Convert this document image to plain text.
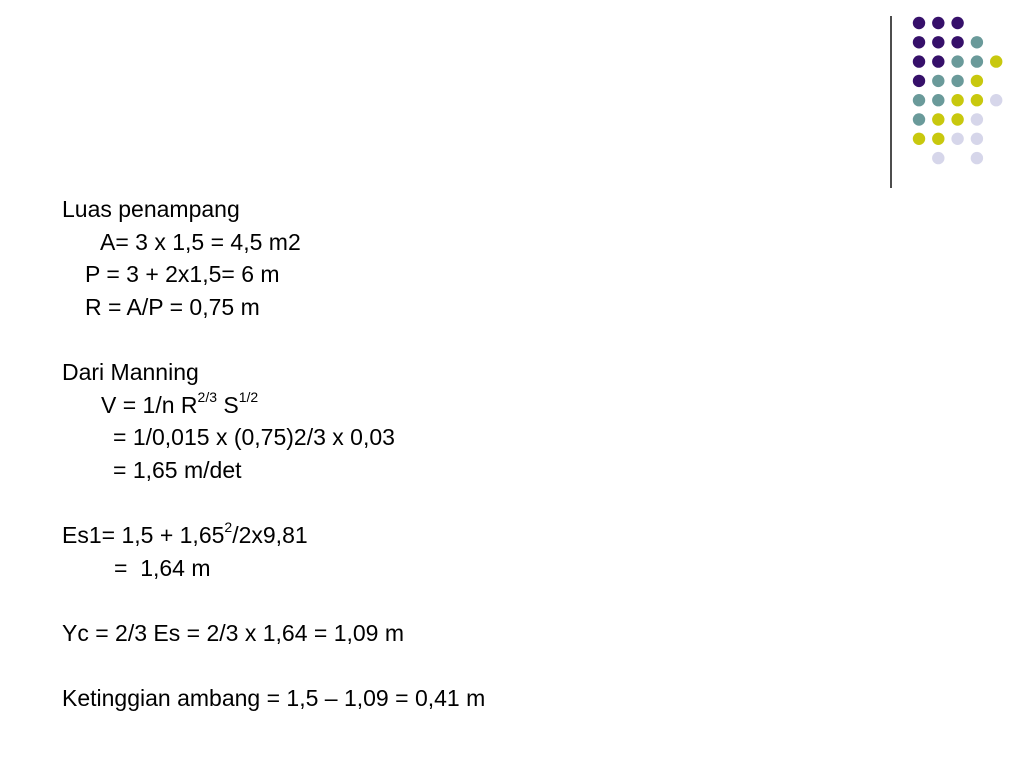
Luas penampang
A= 3 x 1,5 = 4,5 m2
P = 3 + 2x1,5= 6 m
R = A/P = 0,75 m
Dari Manning
V = 1/n $R^{2/3}$ $S^{1/2}$
= 1/0,015 x (0,75)2/3 x 0,03
= 1,65 m/det
$Es1= 1,5 + 1,65^2/2x9,81$
=  1,64 m
Yc = 2/3 Es = 2/3 x 1,64 = 1,09 m
Ketinggian ambang = 1,5 – 1,09 = 0,41 m
